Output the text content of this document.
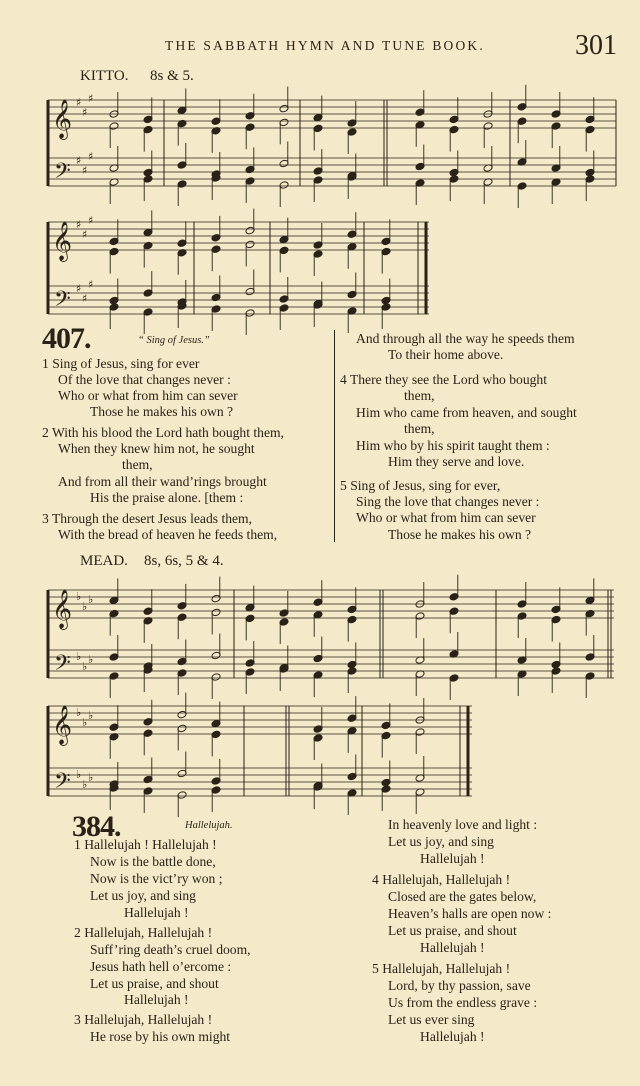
THE SABBATH HYMN AND TUNE BOOK.	301
KITTO. 8s & 5.
𝄞
𝄢
♯
♯
♯
♯
♯
♯
𝄞
𝄢
♯
♯
♯
♯
♯
♯
407.	“ Sing of Jesus.”
1 Sing of Jesus, sing for ever
Of the love that changes never :
Who or what from him can sever
Those he makes his own ?
2 With his blood the Lord hath bought them,
When they knew him not, he sought
them,
And from all their wand’rings brought
His the praise alone. [them :
3 Through the desert Jesus leads them,
With the bread of heaven he feeds them,
And through all the way he speeds them
To their home above.
4 There they see the Lord who bought
them,
Him who came from heaven, and sought
them,
Him who by his spirit taught them :
Him they serve and love.
5 Sing of Jesus, sing for ever,
Sing the love that changes never :
Who or what from him can sever
Those he makes his own ?
MEAD. 8s, 6s, 5 & 4.
𝄞
𝄢
♭
♭
♭
♭
♭
♭
𝄞
𝄢
♭
♭
♭
♭
♭
♭
384.	Hallelujah.
1 Hallelujah ! Hallelujah !
Now is the battle done,
Now is the vict’ry won ;
Let us joy, and sing
Hallelujah !
2 Hallelujah, Hallelujah !
Suff’ring death’s cruel doom,
Jesus hath hell o’ercome :
Let us praise, and shout
Hallelujah !
3 Hallelujah, Hallelujah !
He rose by his own might
In heavenly love and light :
Let us joy, and sing
Hallelujah !
4 Hallelujah, Hallelujah !
Closed are the gates below,
Heaven’s halls are open now :
Let us praise, and shout
Hallelujah !
5 Hallelujah, Hallelujah !
Lord, by thy passion, save
Us from the endless grave :
Let us ever sing
Hallelujah !
